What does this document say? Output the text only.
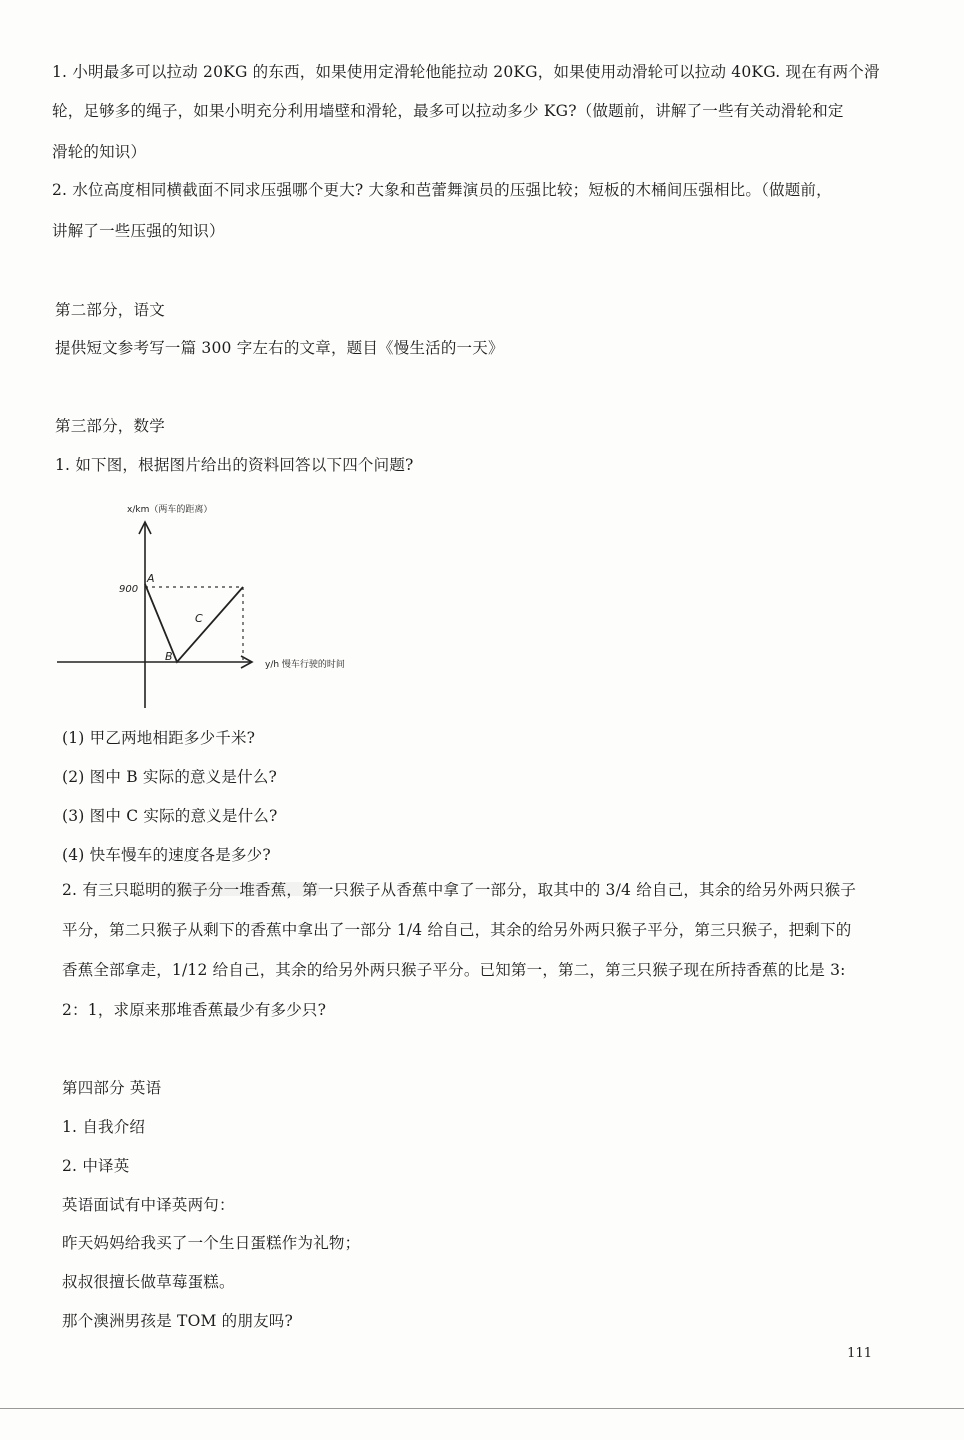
1. 小明最多可以拉动 20KG 的东西，如果使用定滑轮他能拉动 20KG，如果使用动滑轮可以拉动 40KG. 现在有两个滑
轮，足够多的绳子，如果小明充分利用墙壁和滑轮，最多可以拉动多少 KG?（做题前，讲解了一些有关动滑轮和定
滑轮的知识）
2. 水位高度相同横截面不同求压强哪个更大? 大象和芭蕾舞演员的压强比较；短板的木桶间压强相比。（做题前，
讲解了一些压强的知识）
第二部分，语文
提供短文参考写一篇 300 字左右的文章，题目《慢生活的一天》
第三部分，数学
1. 如下图，根据图片给出的资料回答以下四个问题?
x/km（两车的距离）
y/h 慢车行驶的时间
900
A
B
C
(1) 甲乙两地相距多少千米?
(2) 图中 B 实际的意义是什么?
(3) 图中 C 实际的意义是什么?
(4) 快车慢车的速度各是多少?
2. 有三只聪明的猴子分一堆香蕉，第一只猴子从香蕉中拿了一部分，取其中的 3/4 给自己，其余的给另外两只猴子
平分，第二只猴子从剩下的香蕉中拿出了一部分 1/4 给自己，其余的给另外两只猴子平分，第三只猴子，把剩下的
香蕉全部拿走，1/12 给自己，其余的给另外两只猴子平分。已知第一，第二，第三只猴子现在所持香蕉的比是 3:
2：1，求原来那堆香蕉最少有多少只?
第四部分 英语
1. 自我介绍
2. 中译英
英语面试有中译英两句：
昨天妈妈给我买了一个生日蛋糕作为礼物；
叔叔很擅长做草莓蛋糕。
那个澳洲男孩是 TOM 的朋友吗?
111
